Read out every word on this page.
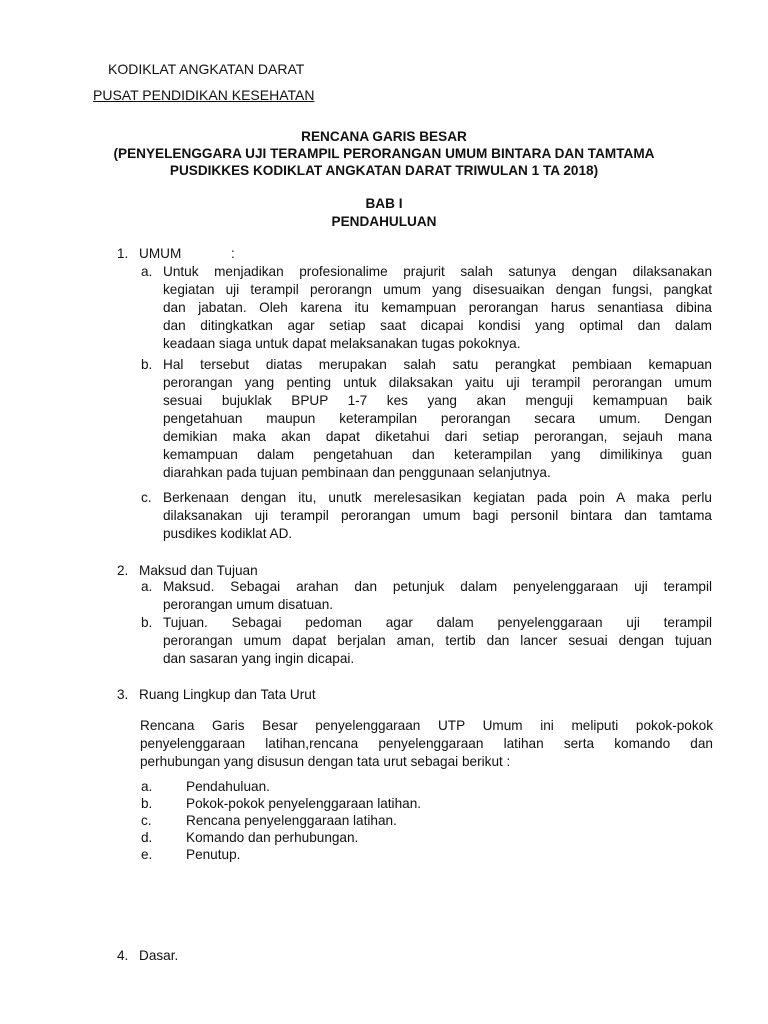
KODIKLAT ANGKATAN DARAT
PUSAT PENDIDIKAN KESEHATAN
RENCANA GARIS BESAR
(PENYELENGGARA UJI TERAMPIL PERORANGAN UMUM BINTARA DAN TAMTAMA
PUSDIKKES KODIKLAT ANGKATAN DARAT TRIWULAN 1 TA 2018)
BAB I
PENDAHULUAN
1. UMUM	:
a. Untuk menjadikan profesionalime prajurit salah satunya dengan dilaksanakan
kegiatan uji terampil perorangn umum yang disesuaikan dengan fungsi, pangkat
dan jabatan. Oleh karena itu kemampuan perorangan harus senantiasa dibina
dan ditingkatkan agar setiap saat dicapai kondisi yang optimal dan dalam
keadaan siaga untuk dapat melaksanakan tugas pokoknya.
b. Hal tersebut diatas merupakan salah satu perangkat pembiaan kemapuan
perorangan yang penting untuk dilaksakan yaitu uji terampil perorangan umum
sesuai bujuklak BPUP 1-7 kes yang akan menguji kemampuan baik
pengetahuan maupun keterampilan perorangan secara umum. Dengan
demikian maka akan dapat diketahui dari setiap perorangan, sejauh mana
kemampuan dalam pengetahuan dan keterampilan yang dimilikinya guan
diarahkan pada tujuan pembinaan dan penggunaan selanjutnya.
c. Berkenaan dengan itu, unutk merelesasikan kegiatan pada poin A maka perlu
dilaksanakan uji terampil perorangan umum bagi personil bintara dan tamtama
pusdikes kodiklat AD.
2. Maksud dan Tujuan
a. Maksud. Sebagai arahan dan petunjuk dalam penyelenggaraan uji terampil
perorangan umum disatuan.
b. Tujuan. Sebagai pedoman agar dalam penyelenggaraan uji terampil
perorangan umum dapat berjalan aman, tertib dan lancer sesuai dengan tujuan
dan sasaran yang ingin dicapai.
3. Ruang Lingkup dan Tata Urut
Rencana Garis Besar penyelenggaraan UTP Umum ini meliputi pokok-pokok
penyelenggaraan latihan,rencana penyelenggaraan latihan serta komando dan
perhubungan yang disusun dengan tata urut sebagai berikut :
a. Pendahuluan.
b. Pokok-pokok penyelenggaraan latihan.
c.	Rencana penyelenggaraan latihan.
d. Komando dan perhubungan.
e. Penutup.
4. Dasar.
